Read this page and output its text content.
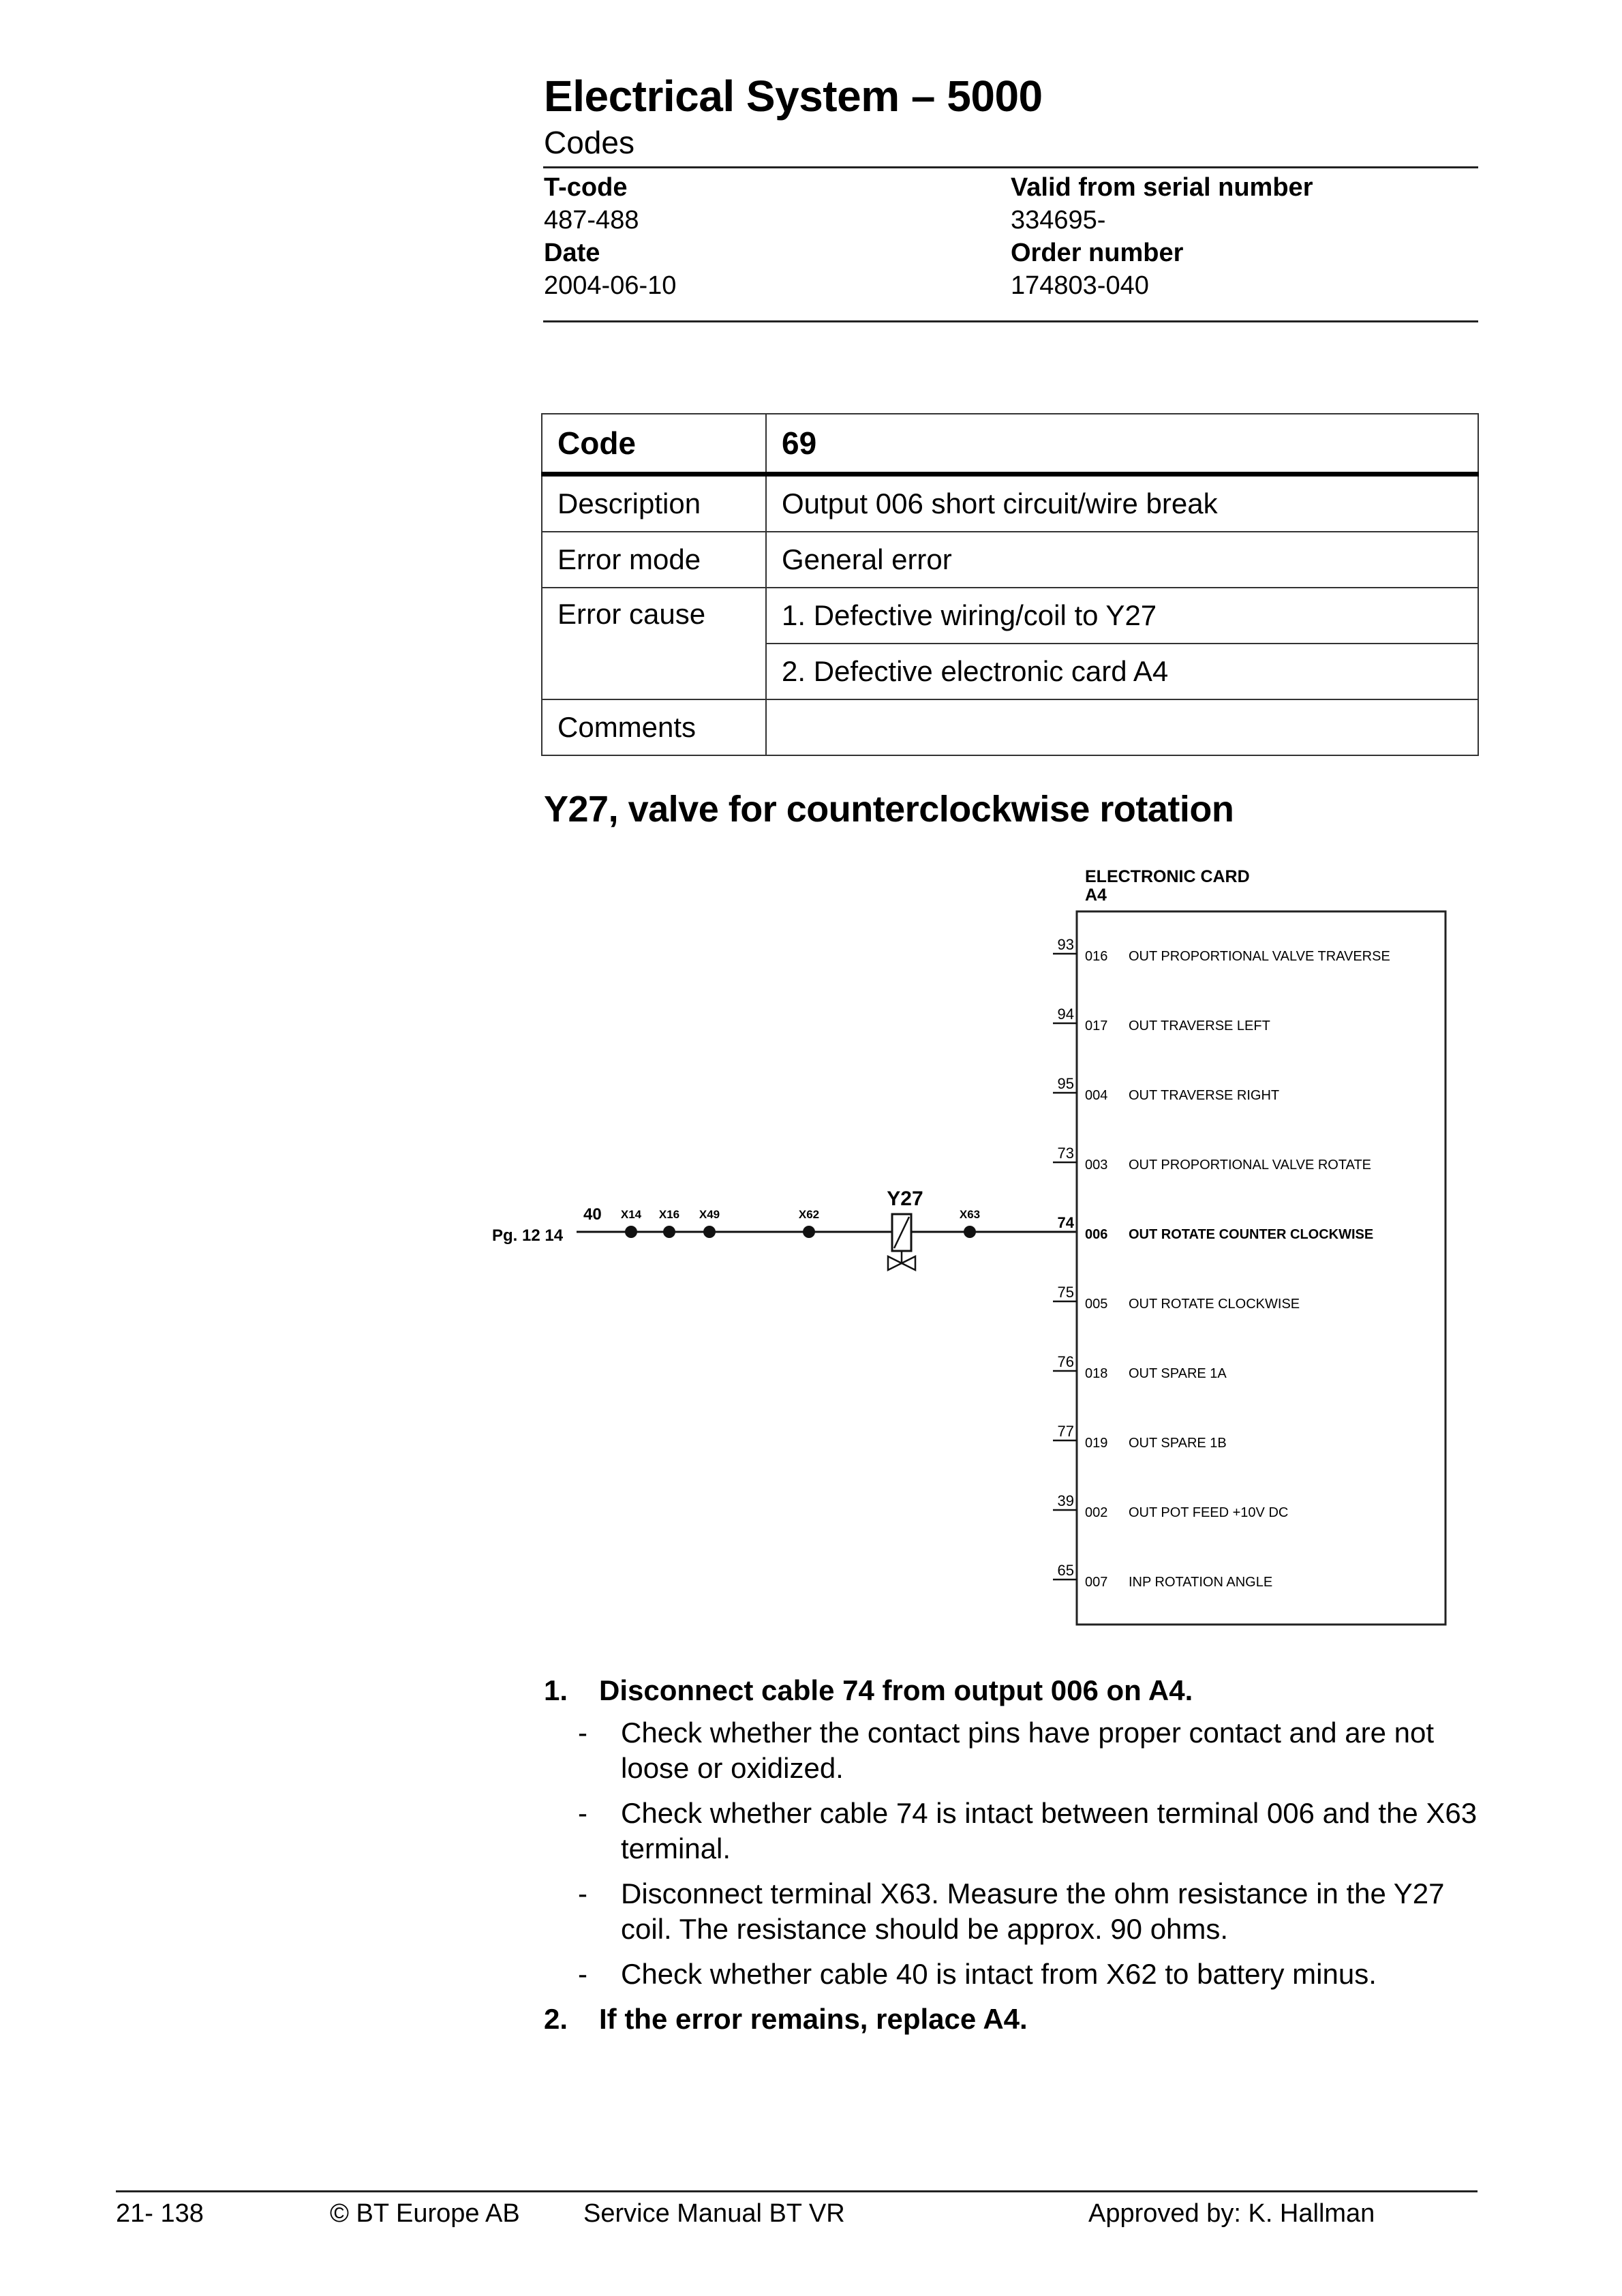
Electrical System – 5000
Codes
T-code
487-488
Date
2004-06-10
Valid from serial number
334695-
Order number
174803-040
Code	69
Description	Output 006 short circuit/wire break
Error mode	General error
Error cause	1. Defective wiring/coil to Y27
	2. Defective electronic card A4
Comments	
Y27, valve for counterclockwise rotation
Pg. 12 14
40
Y27
ELECTRONIC CARD
A4
X14 X16 X49	X62	X63
93
016 OUT PROPORTIONAL VALVE TRAVERSE
94
017 OUT TRAVERSE LEFT
95
004 OUT TRAVERSE RIGHT
73
003 OUT PROPORTIONAL VALVE ROTATE
74
006 OUT ROTATE COUNTER CLOCKWISE
75
005 OUT ROTATE CLOCKWISE
76
018 OUT SPARE 1A
77
019 OUT SPARE 1B
39
002 OUT POT FEED +10V DC
65
007 INP ROTATION ANGLE
1.	Disconnect cable 74 from output 006 on A4.
-	Check whether the contact pins have proper contact and are not loose or oxidized.
-	Check whether cable 74 is intact between terminal 006 and the X63 terminal.
-	Disconnect terminal X63. Measure the ohm resistance in the Y27 coil. The resistance should be approx. 90 ohms.
-	Check whether cable 40 is intact from X62 to battery minus.
2.	If the error remains, replace A4.
21- 138	© BT Europe AB Service Manual BT VR	Approved by: K. Hallman
